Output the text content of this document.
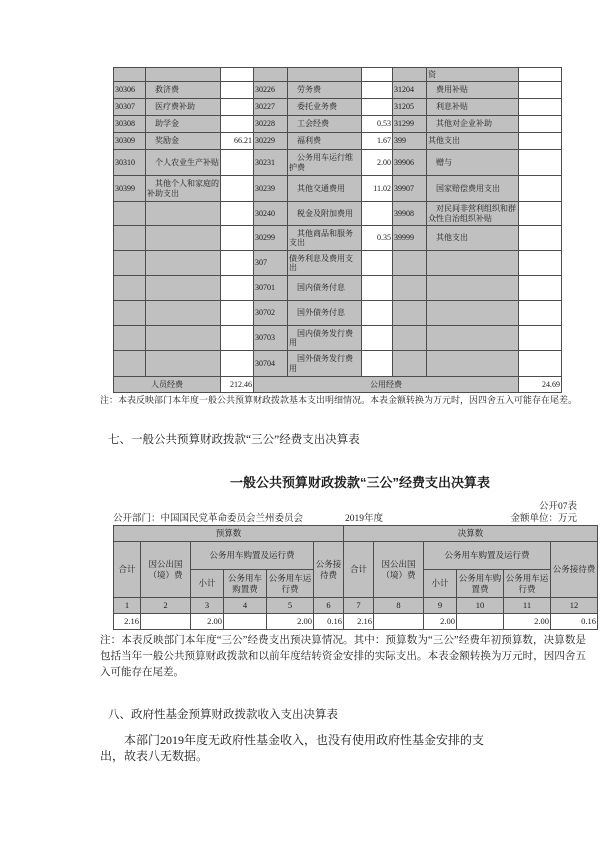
							资	
30306	　救济费		30226	　劳务费		31204	　费用补贴	
30307	　医疗费补助		30227	　委托业务费		31205	　利息补贴	
30308	　助学金		30228	　工会经费	0.53	31299	　其他对企业补助	
30309	　奖励金	66.21	30229	　福利费	1.67	399	其他支出	
30310	　个人农业生产补贴		30231	　公务用车运行维护费	2.00	39906	　赠与	
30399	　其他个人和家庭的补助支出		30239	　其他交通费用	11.02	39907	　国家赔偿费用支出	
			30240	　税金及附加费用		39908	　对民间非营利组织和群众性自治组织补贴	
			30299	　其他商品和服务支出	0.35	39999	　其他支出	
			307	债务利息及费用支出				
			30701	　国内债务付息				
			30702	　国外债务付息				
			30703	　国内债务发行费用				
			30704	　国外债务发行费用				
人员经费		212.46	公用经费					24.69
注：本表反映部门本年度一般公共预算财政拨款基本支出明细情况。本表金额转换为万元时，因四舍五入可能存在尾差。
七、一般公共预算财政拨款“三公”经费支出决算表
一般公共预算财政拨款“三公”经费支出决算表
公开07表
公开部门：中国国民党革命委员会兰州委员会	2019年度	金额单位：万元
预算数						决算数					
合计	因公出国（境）费	公务用车购置及运行费			公务接待费	合计	因公出国（境）费	公务用车购置及运行费			公务接待费
		小计	公务用车购置费	公务用车运行费				小计	公务用车购置费	公务用车运行费	
1	2	3	4	5	6	7	8	9	10	11	12
2.16		2.00		2.00	0.16	2.16		2.00		2.00	0.16
注：本表反映部门本年度“三公”经费支出预决算情况。其中：预算数为“三公”经费年初预算数，决算数是包括当年一般公共预算财政拨款和以前年度结转资金安排的实际支出。本表金额转换为万元时，因四舍五入可能存在尾差。
八、政府性基金预算财政拨款收入支出决算表
本部门2019年度无政府性基金收入，也没有使用政府性基金安排的支出，故表八无数据。
